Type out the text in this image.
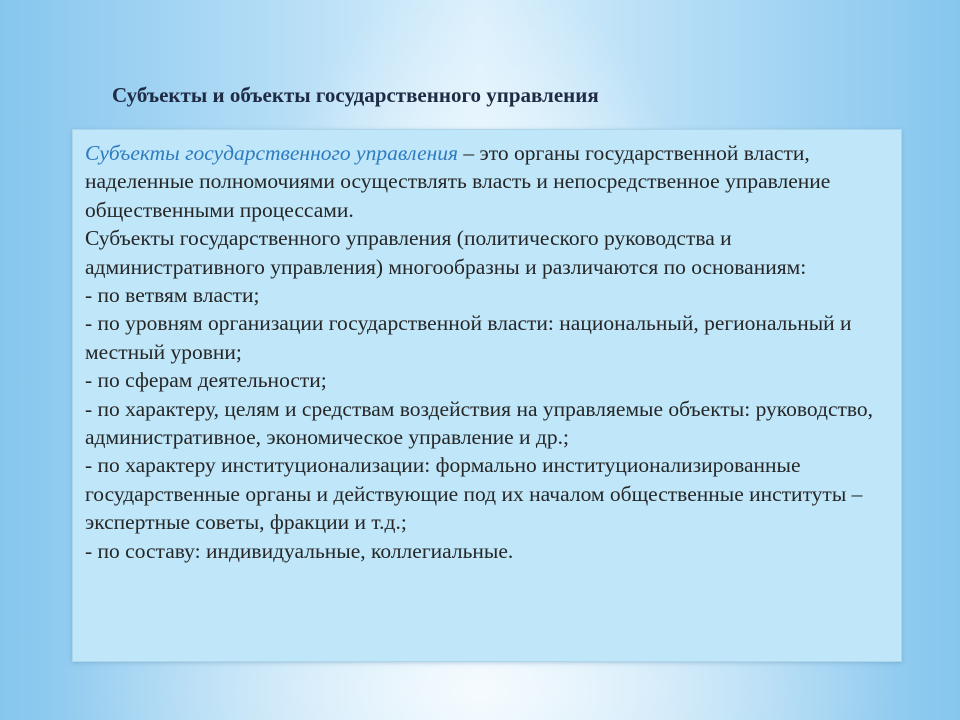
Субъекты и объекты государственного управления

Субъекты государственного управления – это органы государственной власти, наделенные полномочиями осуществлять власть и непосредственное управление общественными процессами.

Субъекты государственного управления (политического руководства и административного управления) многообразны и различаются по основаниям:

- по ветвям власти;

- по уровням организации государственной власти: национальный, региональный и местный уровни;

- по сферам деятельности;

- по характеру, целям и средствам воздействия на управляемые объекты: руководство, административное, экономическое управление и др.;

- по характеру институционализации: формально институционализированные государственные органы и действующие под их началом общественные институты – экспертные советы, фракции и т.д.;

- по составу: индивидуальные, коллегиальные.
